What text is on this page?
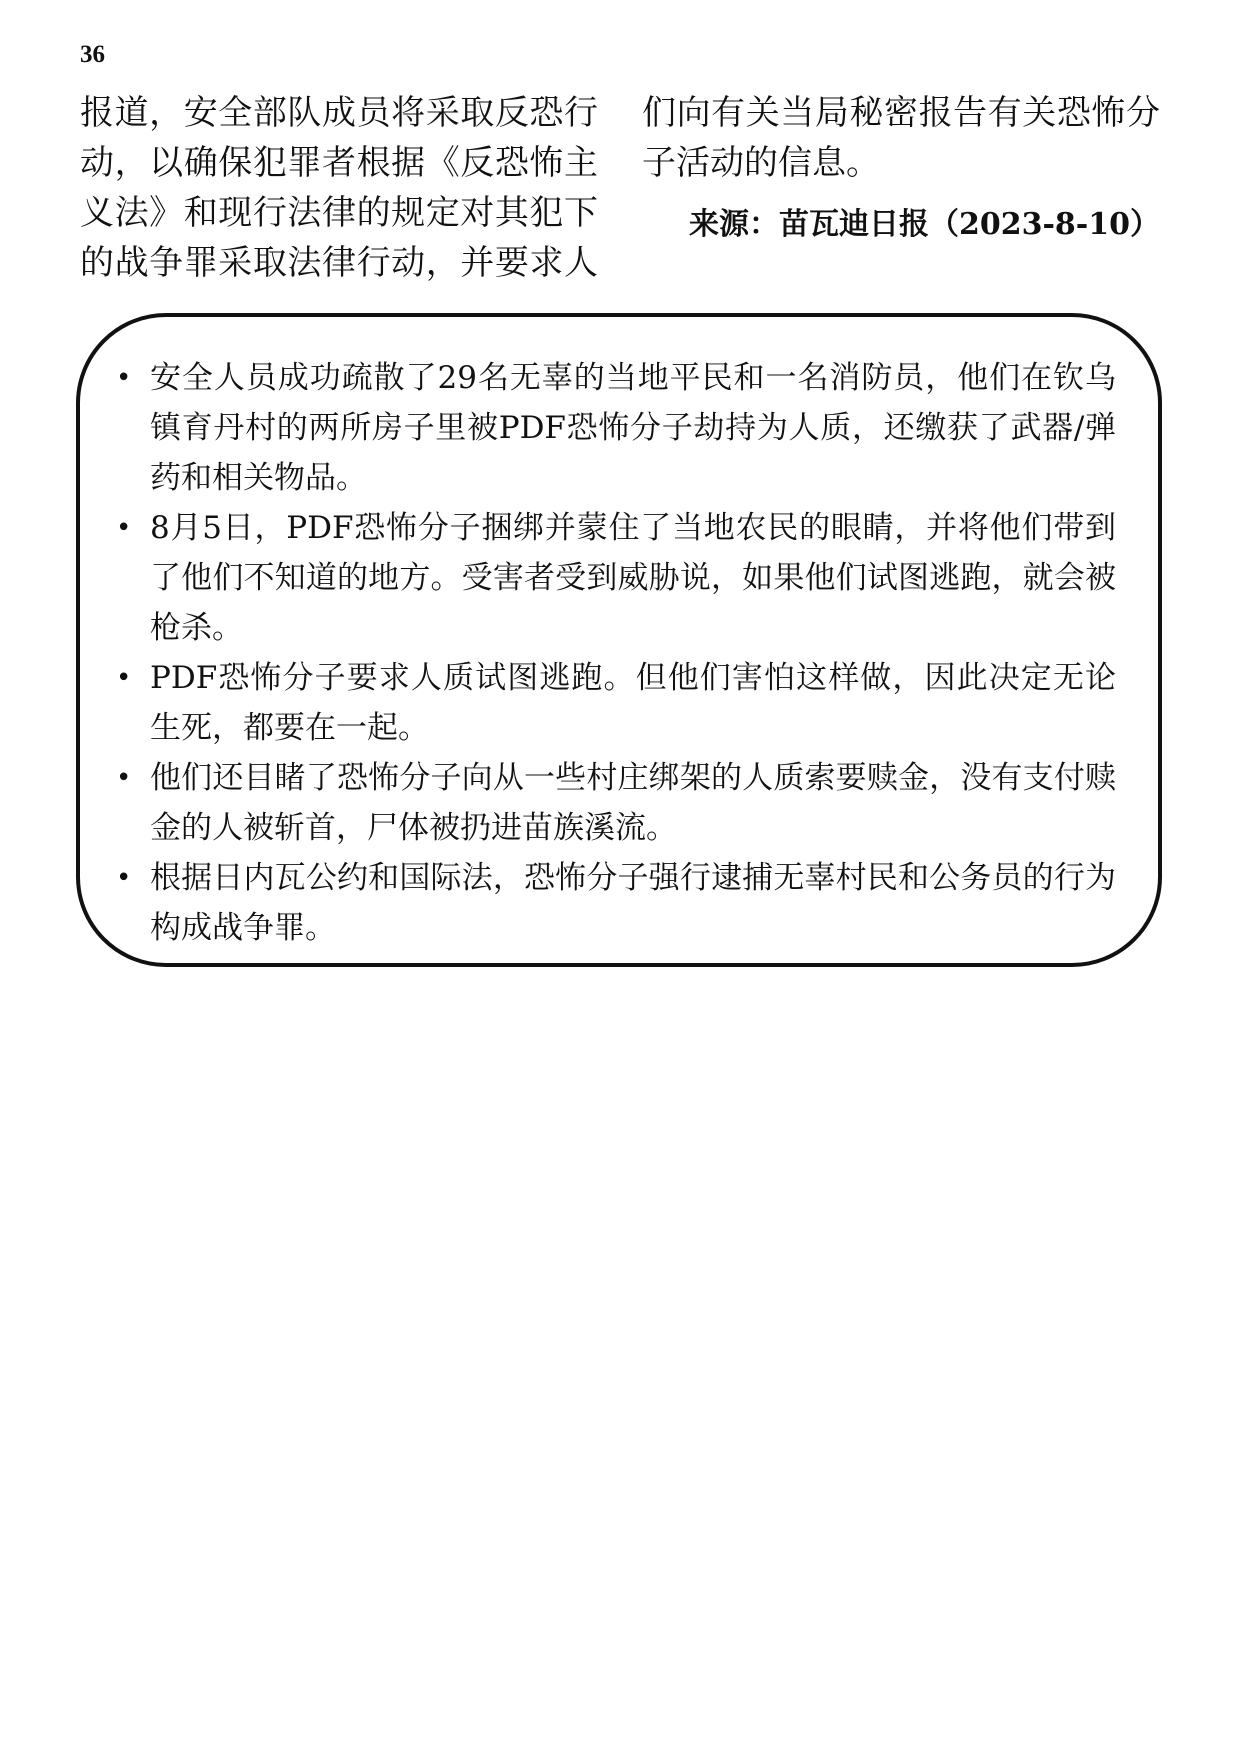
36
报道，安全部队成员将采取反恐行动，以确保犯罪者根据《反恐怖主义法》和现行法律的规定对其犯下的战争罪采取法律行动，并要求人
们向有关当局秘密报告有关恐怖分子活动的信息。
来源：苗瓦迪日报（2023-8-10）
• 安全人员成功疏散了29名无辜的当地平民和一名消防员，他们在钦乌镇育丹村的两所房子里被PDF恐怖分子劫持为人质，还缴获了武器/弹药和相关物品。
• 8月5日，PDF恐怖分子捆绑并蒙住了当地农民的眼睛，并将他们带到了他们不知道的地方。受害者受到威胁说，如果他们试图逃跑，就会被枪杀。
• PDF恐怖分子要求人质试图逃跑。但他们害怕这样做，因此决定无论生死，都要在一起。
• 他们还目睹了恐怖分子向从一些村庄绑架的人质索要赎金，没有支付赎金的人被斩首，尸体被扔进苗族溪流。
• 根据日内瓦公约和国际法，恐怖分子强行逮捕无辜村民和公务员的行为构成战争罪。
